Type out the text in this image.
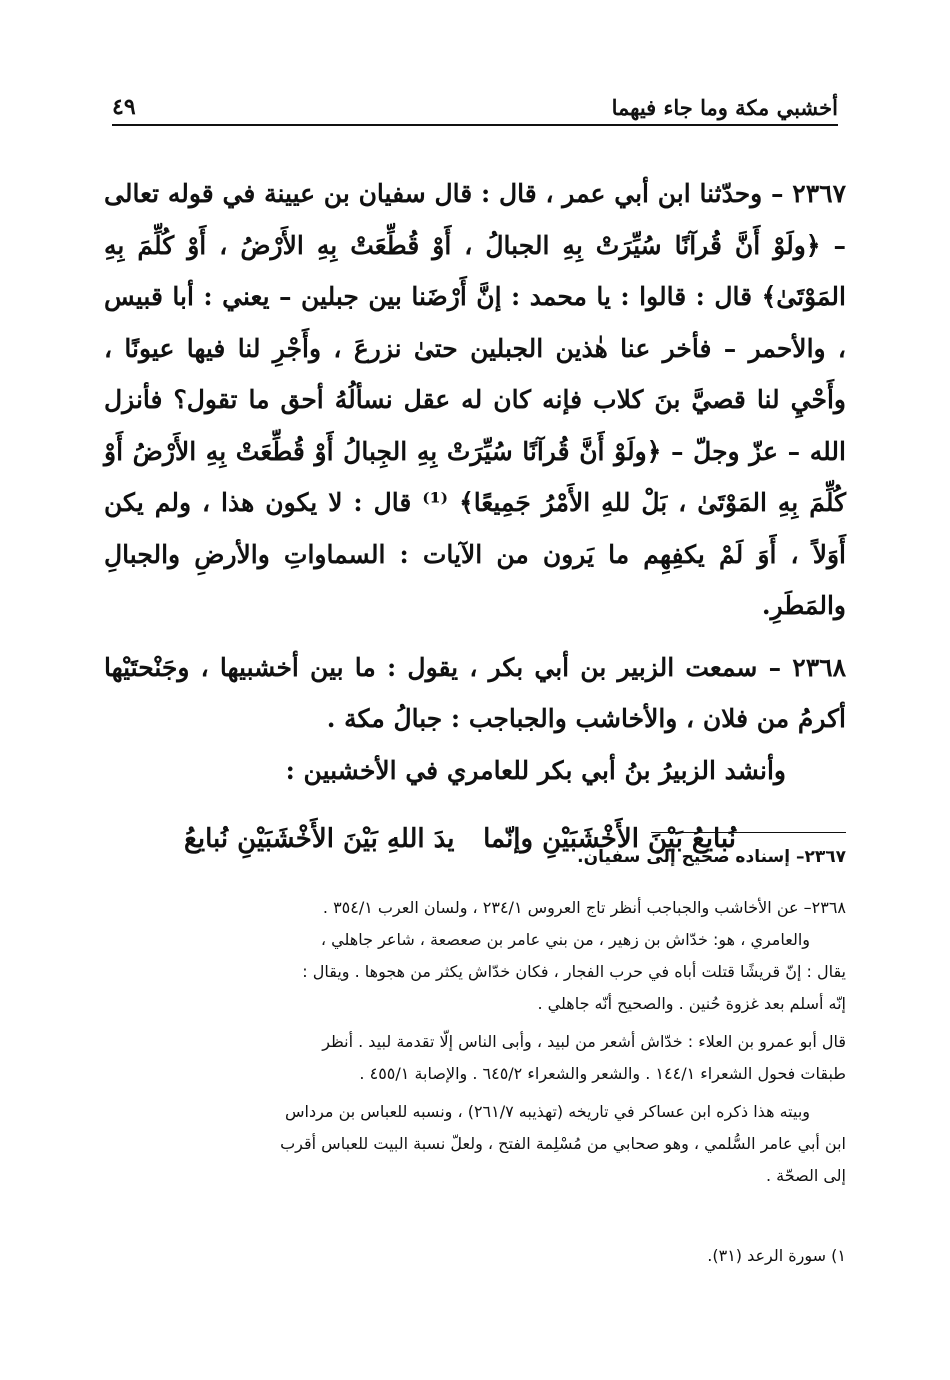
أخشبي مكة وما جاء فيهما
٤٩

٢٣٦٧ – وحدّثنا ابن أبي عمر ، قال : قال سفيان بن عيينة في قوله تعالى – ﴿ولَوْ أَنَّ قُرآنًا سُيِّرَتْ بِهِ الجبالُ ، أَوْ قُطِّعَتْ بِهِ الأَرْضُ ، أَوْ كُلِّمَ بِهِ المَوْتَىٰ﴾ قال : قالوا : يا محمد : إنَّ أَرْضَنا بين جبلين – يعني : أبا قبيس ، والأحمر – فأخر عنا هٰذين الجبلين حتىٰ نزرعَ ، وأَجْرِ لنا فيها عيونًا ، وأَحْيِ لنا قصيَّ بنَ كلاب فإنه كان له عقل نسألُهُ أحق ما تقول؟ فأنزل الله – عزّ وجلّ – ﴿ولَوْ أَنَّ قُرآنًا سُيِّرَتْ بِهِ الجِبالُ أَوْ قُطِّعَتْ بِهِ الأَرْضُ أَوْ كُلِّمَ بِهِ المَوْتَىٰ ، بَلْ للهِ الأَمْرُ جَمِيعًا﴾ ⁽¹⁾ قال : لا يكون هذا ، ولم يكن أَوَلاً ، أَوَ لَمْ يكفِهِم ما يَرون من الآيات : السماواتِ والأرضِ والجبالِ والمَطَرِ.

٢٣٦٨ – سمعت الزبير بن أبي بكر ، يقول : ما بين أخشبيها ، وجَنْحتَيْها أكرمُ من فلان ، والأخاشب والجباجب : جبالُ مكة .

وأنشد الزبيرُ بنُ أبي بكر للعامري في الأخشبين :

نُبايعُ بَيْنَ الأَخْشَبَيْنِ وإنّما
يدَ اللهِ بَيْنَ الأَخْشَبَيْنِ نُبايعُ

٢٣٦٧– إسناده صحيح إلى سفيان.

٢٣٦٨– عن الأخاشب والجباجب أنظر تاج العروس ٢٣٤/١ ، ولسان العرب ٣٥٤/١ .

والعامري ، هو: خدّاش بن زهير ، من بني عامر بن صعصعة ، شاعر جاهلي ،

يقال : إنّ قريشًا قتلت أباه في حرب الفجار ، فكان خدّاش يكثر من هجوها . ويقال :

إنّه أسلم بعد غزوة حُنين . والصحيح أنّه جاهلي .

قال أبو عمرو بن العلاء : خدّاش أشعر من لبيد ، وأبى الناس إلّا تقدمة لبيد . أنظر

طبقات فحول الشعراء ١٤٤/١ . والشعر والشعراء ٦٤٥/٢ . والإصابة ٤٥٥/١ .

وبيته هذا ذكره ابن عساكر في تاريخه (تهذيبه ٢٦١/٧) ، ونسبه للعباس بن مرداس

ابن أبي عامر السُّلمي ، وهو صحابي من مُسْلِمة الفتح ، ولعلّ نسبة البيت للعباس أقرب

إلى الصحّة .

١) سورة الرعد (٣١).
